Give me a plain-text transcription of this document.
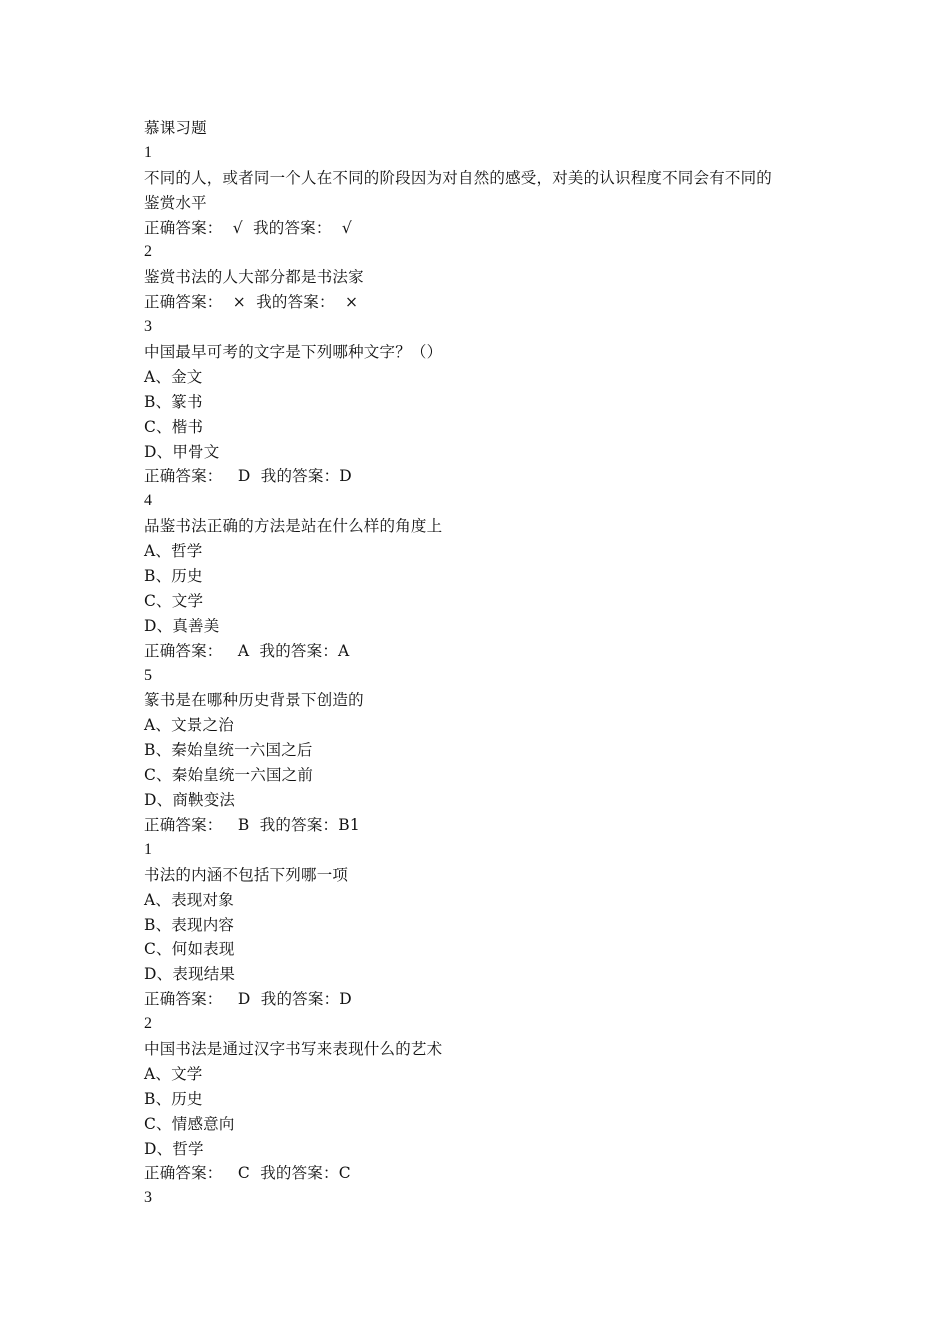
慕课习题
1
不同的人，或者同一个人在不同的阶段因为对自然的感受，对美的认识程度不同会有不同的
鉴赏水平
正确答案：  √  我的答案：  √
2
鉴赏书法的人大部分都是书法家
正确答案：  ×  我的答案：  ×
3
中国最早可考的文字是下列哪种文字？（）
A、金文
B、篆书
C、楷书
D、甲骨文
正确答案：   D  我的答案：D
4
品鉴书法正确的方法是站在什么样的角度上
A、哲学
B、历史
C、文学
D、真善美
正确答案：   A  我的答案：A
5
篆书是在哪种历史背景下创造的
A、文景之治
B、秦始皇统一六国之后
C、秦始皇统一六国之前
D、商鞅变法
正确答案：   B  我的答案：B1
1
书法的内涵不包括下列哪一项
A、表现对象
B、表现内容
C、何如表现
D、表现结果
正确答案：   D  我的答案：D
2
中国书法是通过汉字书写来表现什么的艺术
A、文学
B、历史
C、情感意向
D、哲学
正确答案：   C  我的答案：C
3
